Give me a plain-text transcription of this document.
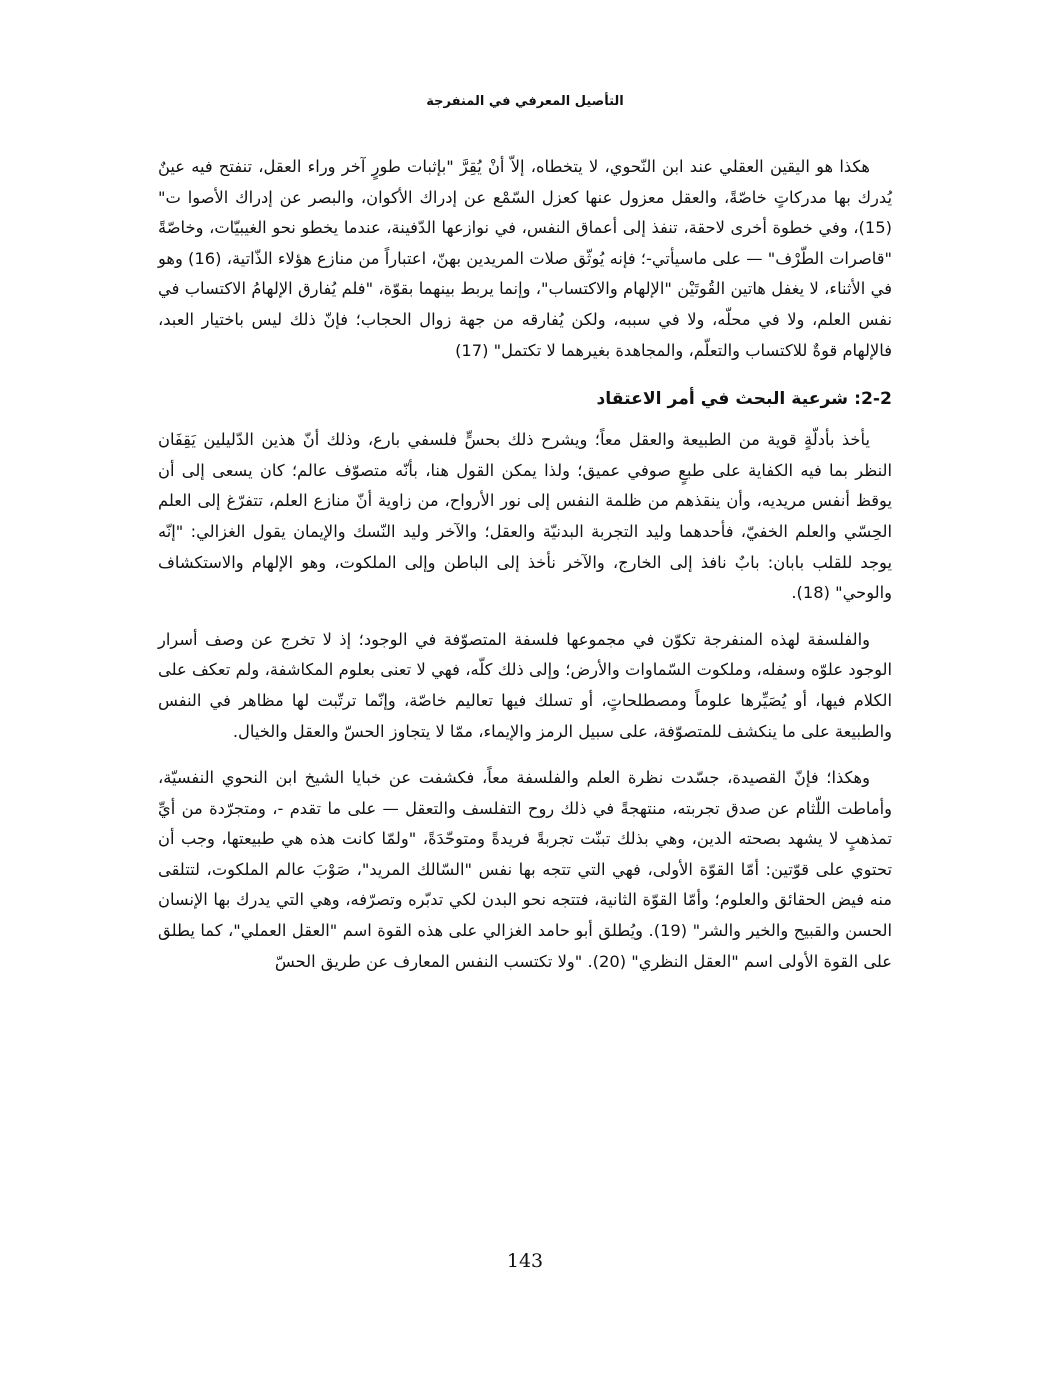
التأصيل المعرفي في المنفرجة

هكذا هو اليقين العقلي عند ابن النّحوي، لا يتخطاه، إلاّ أنْ يُقِرَّ "بإثبات طورٍ آخر وراء العقل، تنفتح فيه عينٌ يُدرك بها مدركاتٍ خاصّةً، والعقل معزول عنها كعزل السّمْع عن إدراك الأكوان، والبصر عن إدراك الأصوا ت"(15)، وفي خطوة أخرى لاحقة، تنفذ إلى أعماق النفس، في نوازعها الدّفينة، عندما يخطو نحو الغيبيّات، وخاصّةً "قاصرات الطّرْف" — على ماسيأتي-؛ فإنه يُوثّق صلات المريدين بهنّ، اعتباراً من منازع هؤلاء الذّاتية، (16) وهو في الأثناء، لا يغفل هاتين القُوتَيْن "الإلهام والاكتساب"، وإنما يربط بينهما بقوّة، "فلم يُفارق الإلهامُ الاكتساب في نفس العلم، ولا في محلّه، ولا في سببه، ولكن يُفارقه من جهة زوال الحجاب؛ فإنّ ذلك ليس باختيار العبد، فالإلهام قوةٌ للاكتساب والتعلّم، والمجاهدة بغيرهما لا تكتمل" (17)

2-2: شرعية البحث في أمر الاعتقاد

يأخذ بأدلّةٍ قوية من الطبيعة والعقل معاً؛ ويشرح ذلك بحسٍّ فلسفي بارع، وذلك أنّ هذين الدّليلين يَقِفَان النظر بما فيه الكفاية على طبعٍ صوفي عميق؛ ولذا يمكن القول هنا، بأنّه متصوّف عالم؛ كان يسعى إلى أن يوقظ أنفس مريديه، وأن ينقذهم من ظلمة النفس إلى نور الأرواح، من زاوية أنّ منازع العلم، تتفرّغ إلى العلم الحِسّي والعلم الخفيّ، فأحدهما وليد التجربة البدنيّة والعقل؛ والآخر وليد النّسك والإيمان يقول الغزالي: "إنّه يوجد للقلب بابان: بابٌ نافذ إلى الخارج، والآخر نأخذ إلى الباطن وإلى الملكوت، وهو الإلهام والاستكشاف والوحي" (18).

والفلسفة لهذه المنفرجة تكوّن في مجموعها فلسفة المتصوّفة في الوجود؛ إذ لا تخرج عن وصف أسرار الوجود علوّه وسفله، وملكوت السّماوات والأرض؛ وإلى ذلك كلّه، فهي لا تعنى بعلوم المكاشفة، ولم تعكف على الكلام فيها، أو يُصَيِّرها علوماً ومصطلحاتٍ، أو تسلك فيها تعاليم خاصّة، وإنّما ترتّبت لها مظاهر في النفس والطبيعة على ما ينكشف للمتصوّفة، على سبيل الرمز والإيماء، ممّا لا يتجاوز الحسّ والعقل والخيال.

وهكذا؛ فإنّ القصيدة، جسّدت نظرة العلم والفلسفة معاً، فكشفت عن خبايا الشيخ ابن النحوي النفسيّة، وأماطت اللّثام عن صدق تجربته، منتهجةً في ذلك روح التفلسف والتعقل — على ما تقدم -، ومتجرّدة من أيِّ تمذهبٍ لا يشهد بصحته الدين، وهي بذلك تبنّت تجربةً فريدةً ومتوحّدَةً، "ولمّا كانت هذه هي طبيعتها، وجب أن تحتوي على قوّتين: أمّا القوّة الأولى، فهي التي تتجه بها نفس "السّالك المريد"، صَوْبَ عالم الملكوت، لتتلقى منه فيض الحقائق والعلوم؛ وأمّا القوّة الثانية، فتتجه نحو البدن لكي تدبّره وتصرّفه، وهي التي يدرك بها الإنسان الحسن والقبيح والخير والشر" (19). ويُطلق أبو حامد الغزالي على هذه القوة اسم "العقل العملي"، كما يطلق على القوة الأولى اسم "العقل النظري" (20). "ولا تكتسب النفس المعارف عن طريق الحسّ

143
